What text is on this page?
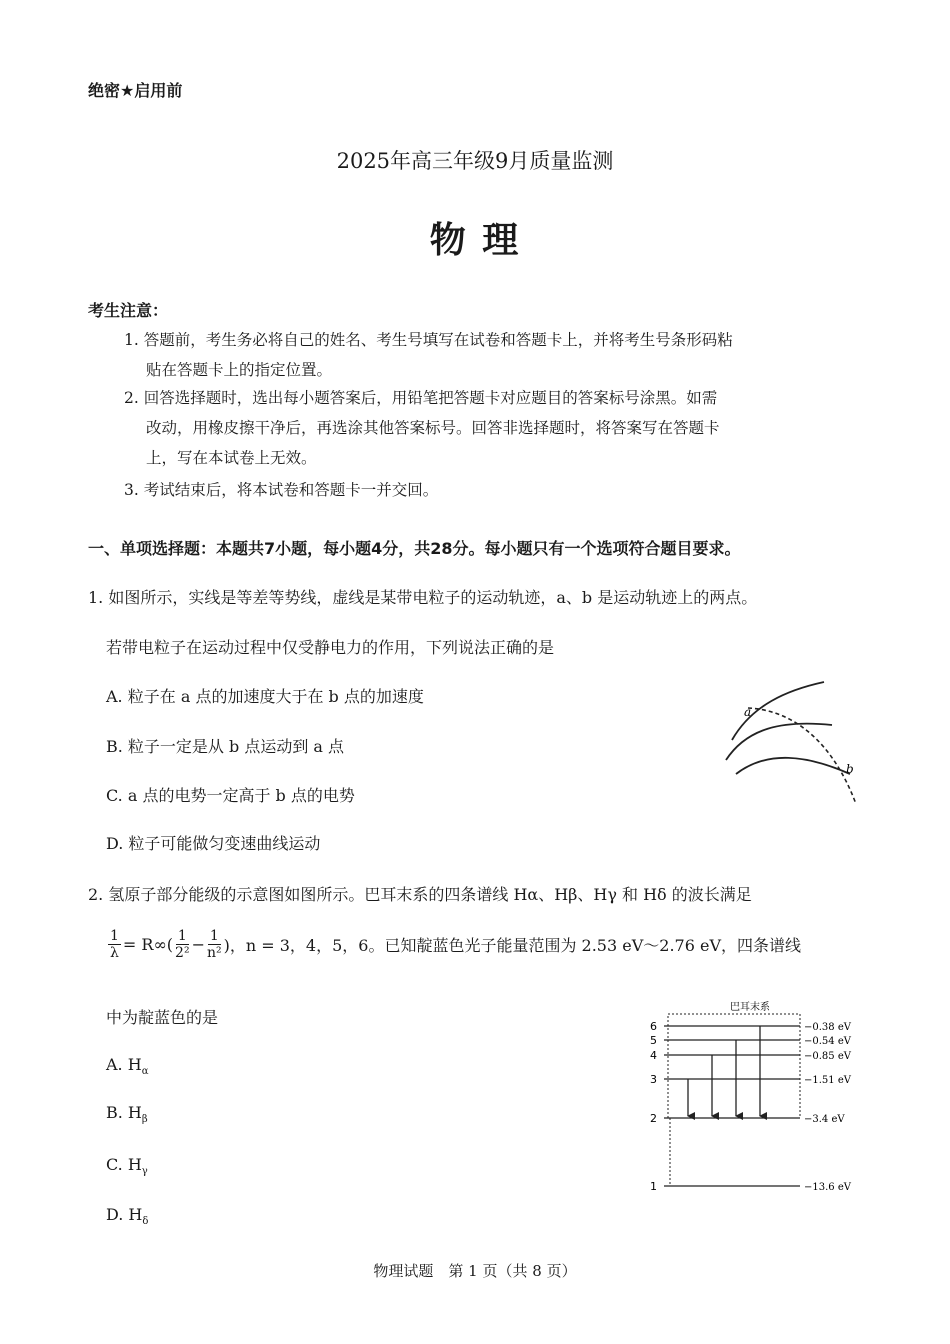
绝密★启用前
2025年高三年级9月质量监测
物 理
考生注意：
1. 答题前，考生务必将自己的姓名、考生号填写在试卷和答题卡上，并将考生号条形码粘
贴在答题卡上的指定位置。
2. 回答选择题时，选出每小题答案后，用铅笔把答题卡对应题目的答案标号涂黑。如需
改动，用橡皮擦干净后，再选涂其他答案标号。回答非选择题时，将答案写在答题卡
上，写在本试卷上无效。
3. 考试结束后，将本试卷和答题卡一并交回。
一、单项选择题：本题共7小题，每小题4分，共28分。每小题只有一个选项符合题目要求。
1. 如图所示，实线是等差等势线，虚线是某带电粒子的运动轨迹，a、b 是运动轨迹上的两点。
若带电粒子在运动过程中仅受静电力的作用，下列说法正确的是
A. 粒子在 a 点的加速度大于在 b 点的加速度
B. 粒子一定是从 b 点运动到 a 点
C. a 点的电势一定高于 b 点的电势
D. 粒子可能做匀变速曲线运动
a
b
2. 氢原子部分能级的示意图如图所示。巴耳末系的四条谱线 Hα、Hβ、Hγ 和 Hδ 的波长满足
$\frac{1}{\lambda} = R\infty( \frac{1}{\text{2²}} - \frac{1}{\text{n²}}$ )，n = 3，4，5，6。已知靛蓝色光子能量范围为 2.53 eV～2.76 eV，四条谱线
中为靛蓝色的是
A. $H_\alpha$
B. $H_\beta$
C. $H_\gamma$
D. $H_\delta$
巴耳末系
6
5
4
3
2
1
−0.38 eV
−0.54 eV
−0.85 eV
−1.51 eV
−3.4 eV
−13.6 eV
物理试题　第 1 页（共 8 页）
